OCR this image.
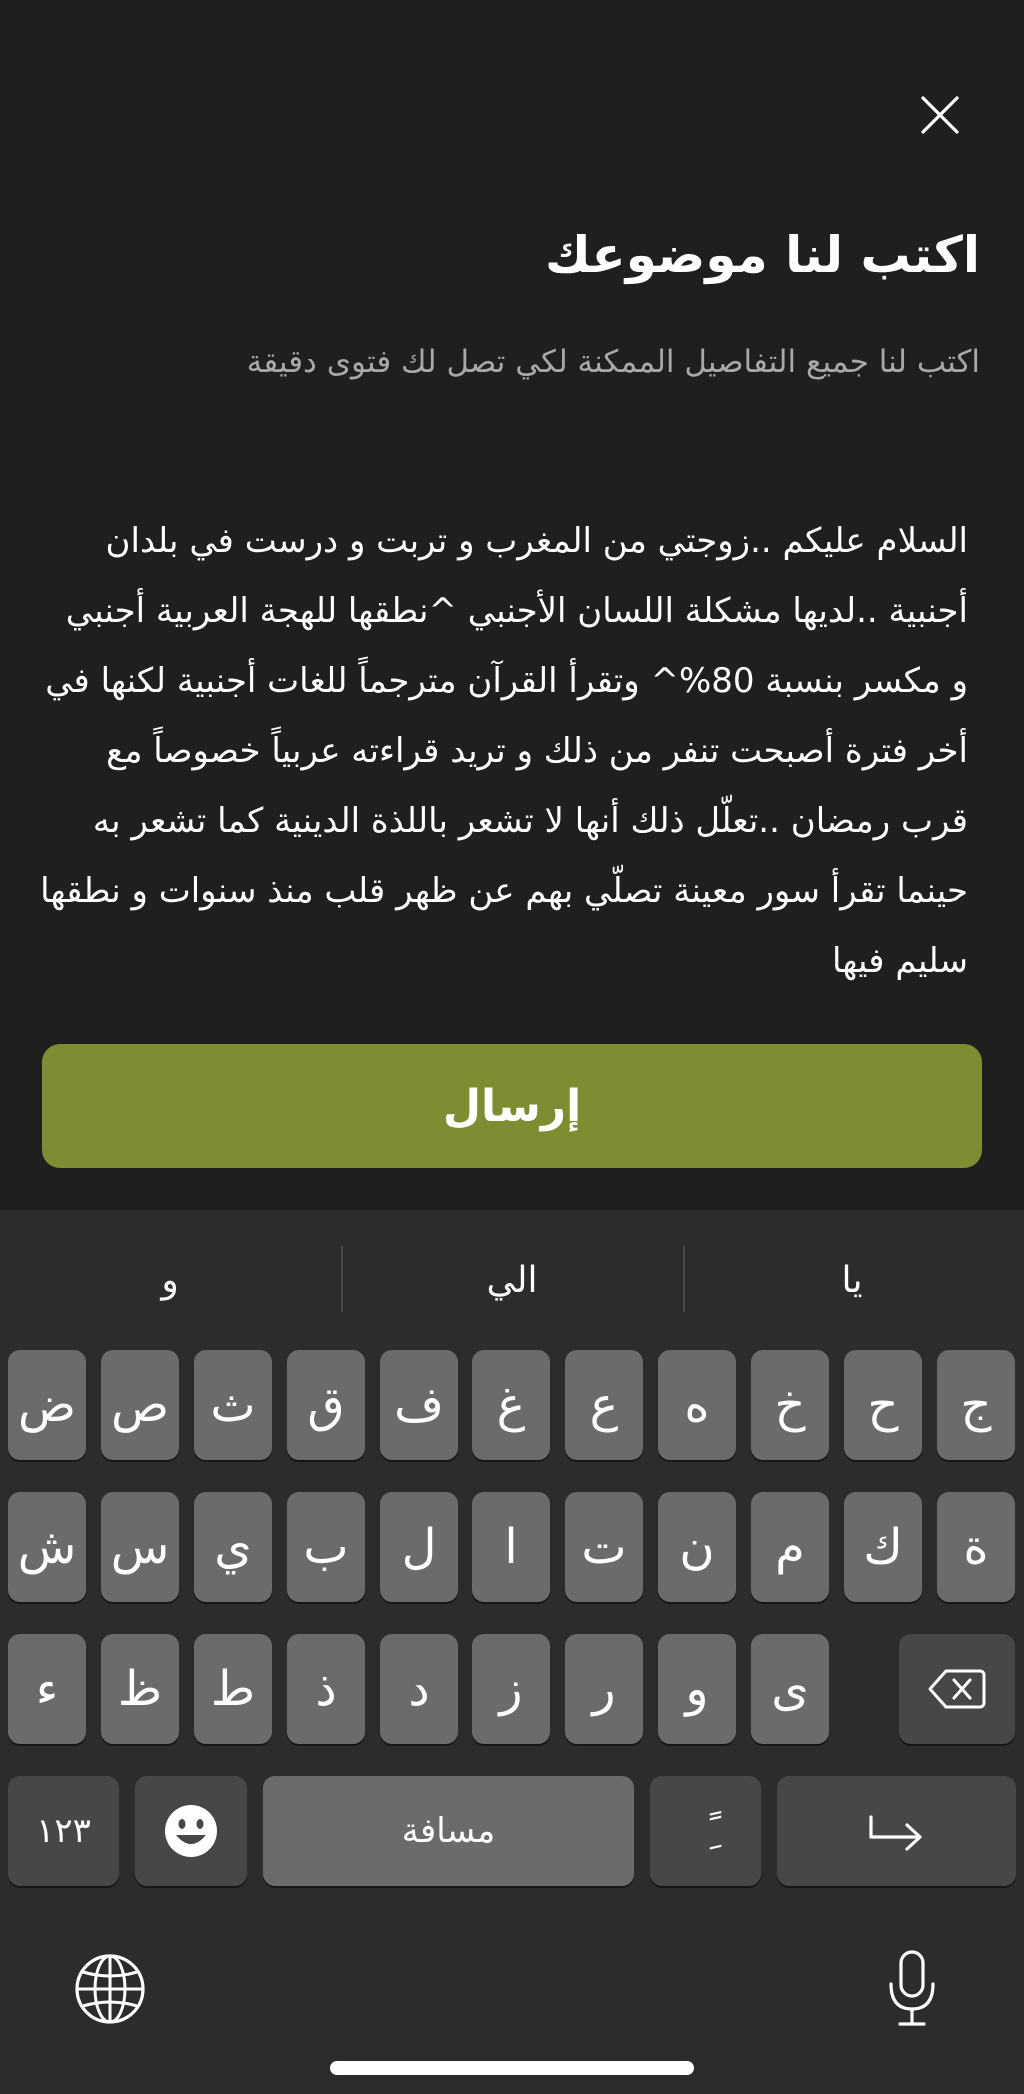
اكتب لنا موضوعك
اكتب لنا جميع التفاصيل الممكنة لكي تصل لك فتوى دقيقة

السلام عليكم ..زوجتي من المغرب و تربت و درست في بلدان أجنبية ..لديها مشكلة اللسان الأجنبي ^نطقها للهجة العربية أجنبي و مكسر بنسبة 80%^ وتقرأ القرآن مترجماً للغات أجنبية لكنها في أخر فترة أصبحت تنفر من ذلك و تريد قراءته عربياً خصوصاً مع قرب رمضان ..تعلّل ذلك أنها لا تشعر باللذة الدينية كما تشعر به حينما تقرأ سور معينة تصلّي بهم عن ظهر قلب منذ سنوات و نطقها سليم فيها

إرسال
يا
الي
و
ج
ح
خ
ه
ع
غ
ف
ق
ث
ص
ض
ة
ك
م
ن
ت
ا
ل
ب
ي
س
ش
ى
و
ر
ز
د
ذ
ط
ظ
ء
١٢٣	مسافة
